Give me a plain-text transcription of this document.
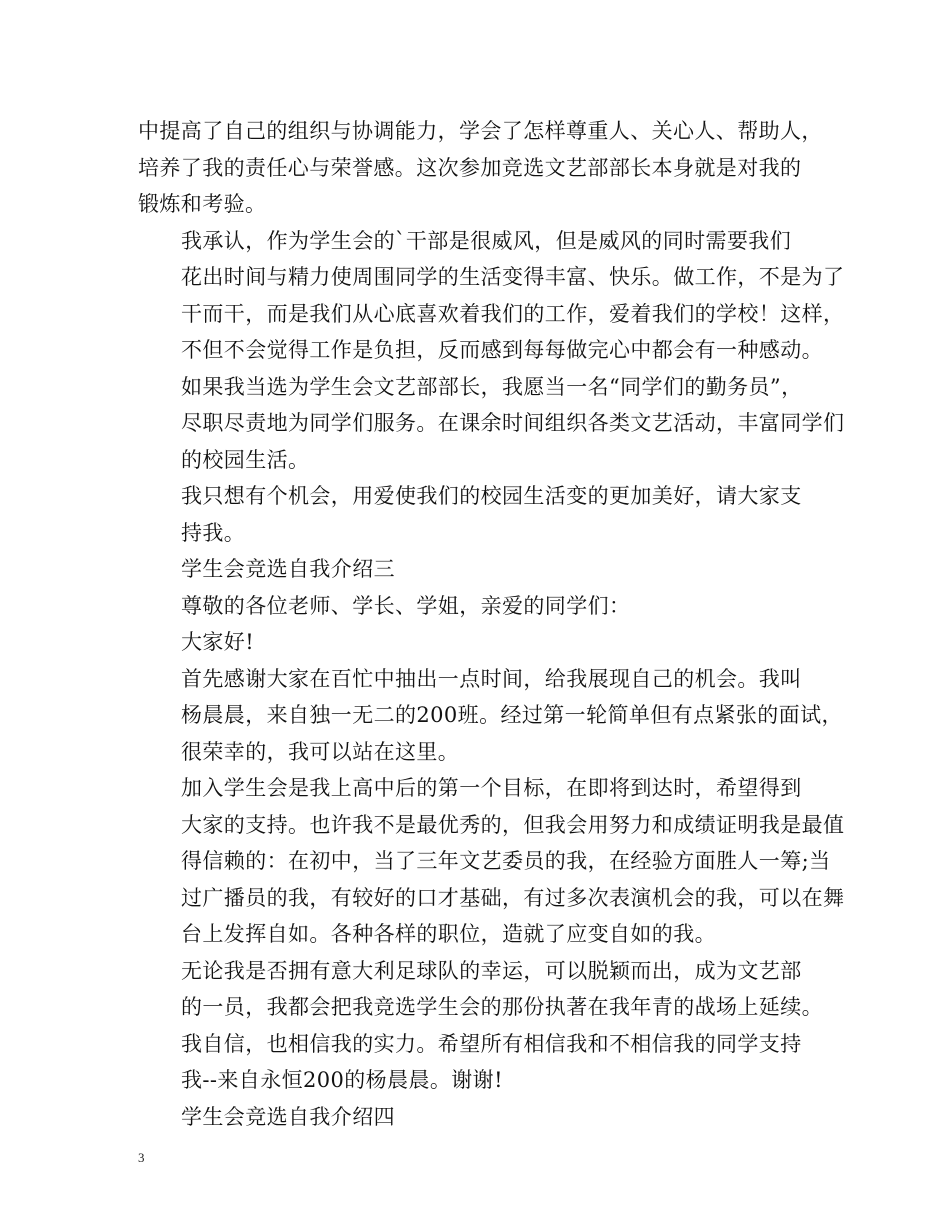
中提高了自己的组织与协调能力，学会了怎样尊重人、关心人、帮助人，
培养了我的责任心与荣誉感。这次参加竞选文艺部部长本身就是对我的
锻炼和考验。

我承认，作为学生会的`干部是很威风，但是威风的同时需要我们
花出时间与精力使周围同学的生活变得丰富、快乐。做工作，不是为了
干而干，而是我们从心底喜欢着我们的工作，爱着我们的学校！这样，
不但不会觉得工作是负担，反而感到每每做完心中都会有一种感动。

如果我当选为学生会文艺部部长，我愿当一名“同学们的勤务员”，
尽职尽责地为同学们服务。在课余时间组织各类文艺活动，丰富同学们
的校园生活。

我只想有个机会，用爱使我们的校园生活变的更加美好，请大家支
持我。

学生会竞选自我介绍三

尊敬的各位老师、学长、学姐，亲爱的同学们：

大家好!

首先感谢大家在百忙中抽出一点时间，给我展现自己的机会。我叫
杨晨晨，来自独一无二的200班。经过第一轮简单但有点紧张的面试，
很荣幸的，我可以站在这里。

加入学生会是我上高中后的第一个目标，在即将到达时，希望得到
大家的支持。也许我不是最优秀的，但我会用努力和成绩证明我是最值
得信赖的：在初中，当了三年文艺委员的我，在经验方面胜人一筹;当
过广播员的我，有较好的口才基础，有过多次表演机会的我，可以在舞
台上发挥自如。各种各样的职位，造就了应变自如的我。

无论我是否拥有意大利足球队的幸运，可以脱颖而出，成为文艺部
的一员，我都会把我竞选学生会的那份执著在我年青的战场上延续。

我自信，也相信我的实力。希望所有相信我和不相信我的同学支持
我--来自永恒200的杨晨晨。谢谢!

学生会竞选自我介绍四

3
